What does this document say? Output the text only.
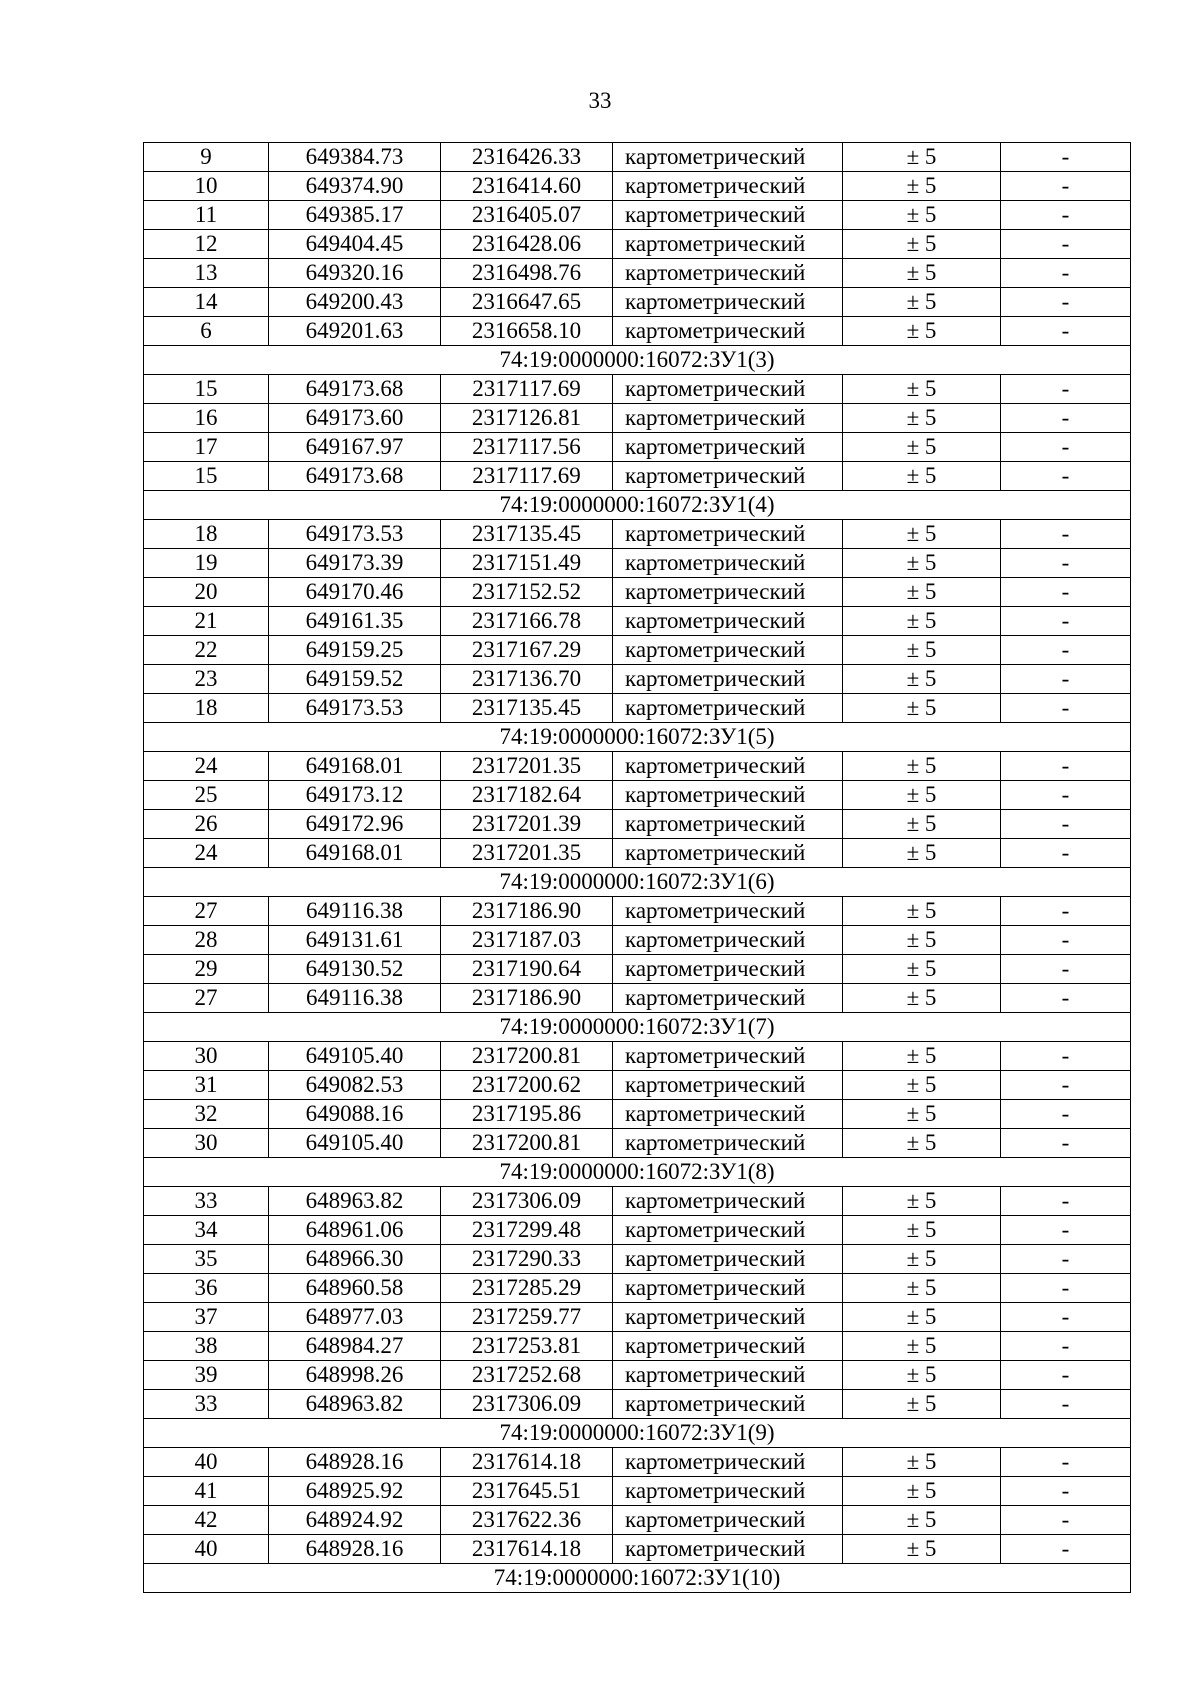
33
9	649384.73	2316426.33	картометрический	± 5	-
10	649374.90	2316414.60	картометрический	± 5	-
11	649385.17	2316405.07	картометрический	± 5	-
12	649404.45	2316428.06	картометрический	± 5	-
13	649320.16	2316498.76	картометрический	± 5	-
14	649200.43	2316647.65	картометрический	± 5	-
6	649201.63	2316658.10	картометрический	± 5	-
74:19:0000000:16072:ЗУ1(3)					
15	649173.68	2317117.69	картометрический	± 5	-
16	649173.60	2317126.81	картометрический	± 5	-
17	649167.97	2317117.56	картометрический	± 5	-
15	649173.68	2317117.69	картометрический	± 5	-
74:19:0000000:16072:ЗУ1(4)					
18	649173.53	2317135.45	картометрический	± 5	-
19	649173.39	2317151.49	картометрический	± 5	-
20	649170.46	2317152.52	картометрический	± 5	-
21	649161.35	2317166.78	картометрический	± 5	-
22	649159.25	2317167.29	картометрический	± 5	-
23	649159.52	2317136.70	картометрический	± 5	-
18	649173.53	2317135.45	картометрический	± 5	-
74:19:0000000:16072:ЗУ1(5)					
24	649168.01	2317201.35	картометрический	± 5	-
25	649173.12	2317182.64	картометрический	± 5	-
26	649172.96	2317201.39	картометрический	± 5	-
24	649168.01	2317201.35	картометрический	± 5	-
74:19:0000000:16072:ЗУ1(6)					
27	649116.38	2317186.90	картометрический	± 5	-
28	649131.61	2317187.03	картометрический	± 5	-
29	649130.52	2317190.64	картометрический	± 5	-
27	649116.38	2317186.90	картометрический	± 5	-
74:19:0000000:16072:ЗУ1(7)					
30	649105.40	2317200.81	картометрический	± 5	-
31	649082.53	2317200.62	картометрический	± 5	-
32	649088.16	2317195.86	картометрический	± 5	-
30	649105.40	2317200.81	картометрический	± 5	-
74:19:0000000:16072:ЗУ1(8)					
33	648963.82	2317306.09	картометрический	± 5	-
34	648961.06	2317299.48	картометрический	± 5	-
35	648966.30	2317290.33	картометрический	± 5	-
36	648960.58	2317285.29	картометрический	± 5	-
37	648977.03	2317259.77	картометрический	± 5	-
38	648984.27	2317253.81	картометрический	± 5	-
39	648998.26	2317252.68	картометрический	± 5	-
33	648963.82	2317306.09	картометрический	± 5	-
74:19:0000000:16072:ЗУ1(9)					
40	648928.16	2317614.18	картометрический	± 5	-
41	648925.92	2317645.51	картометрический	± 5	-
42	648924.92	2317622.36	картометрический	± 5	-
40	648928.16	2317614.18	картометрический	± 5	-
74:19:0000000:16072:ЗУ1(10)					
